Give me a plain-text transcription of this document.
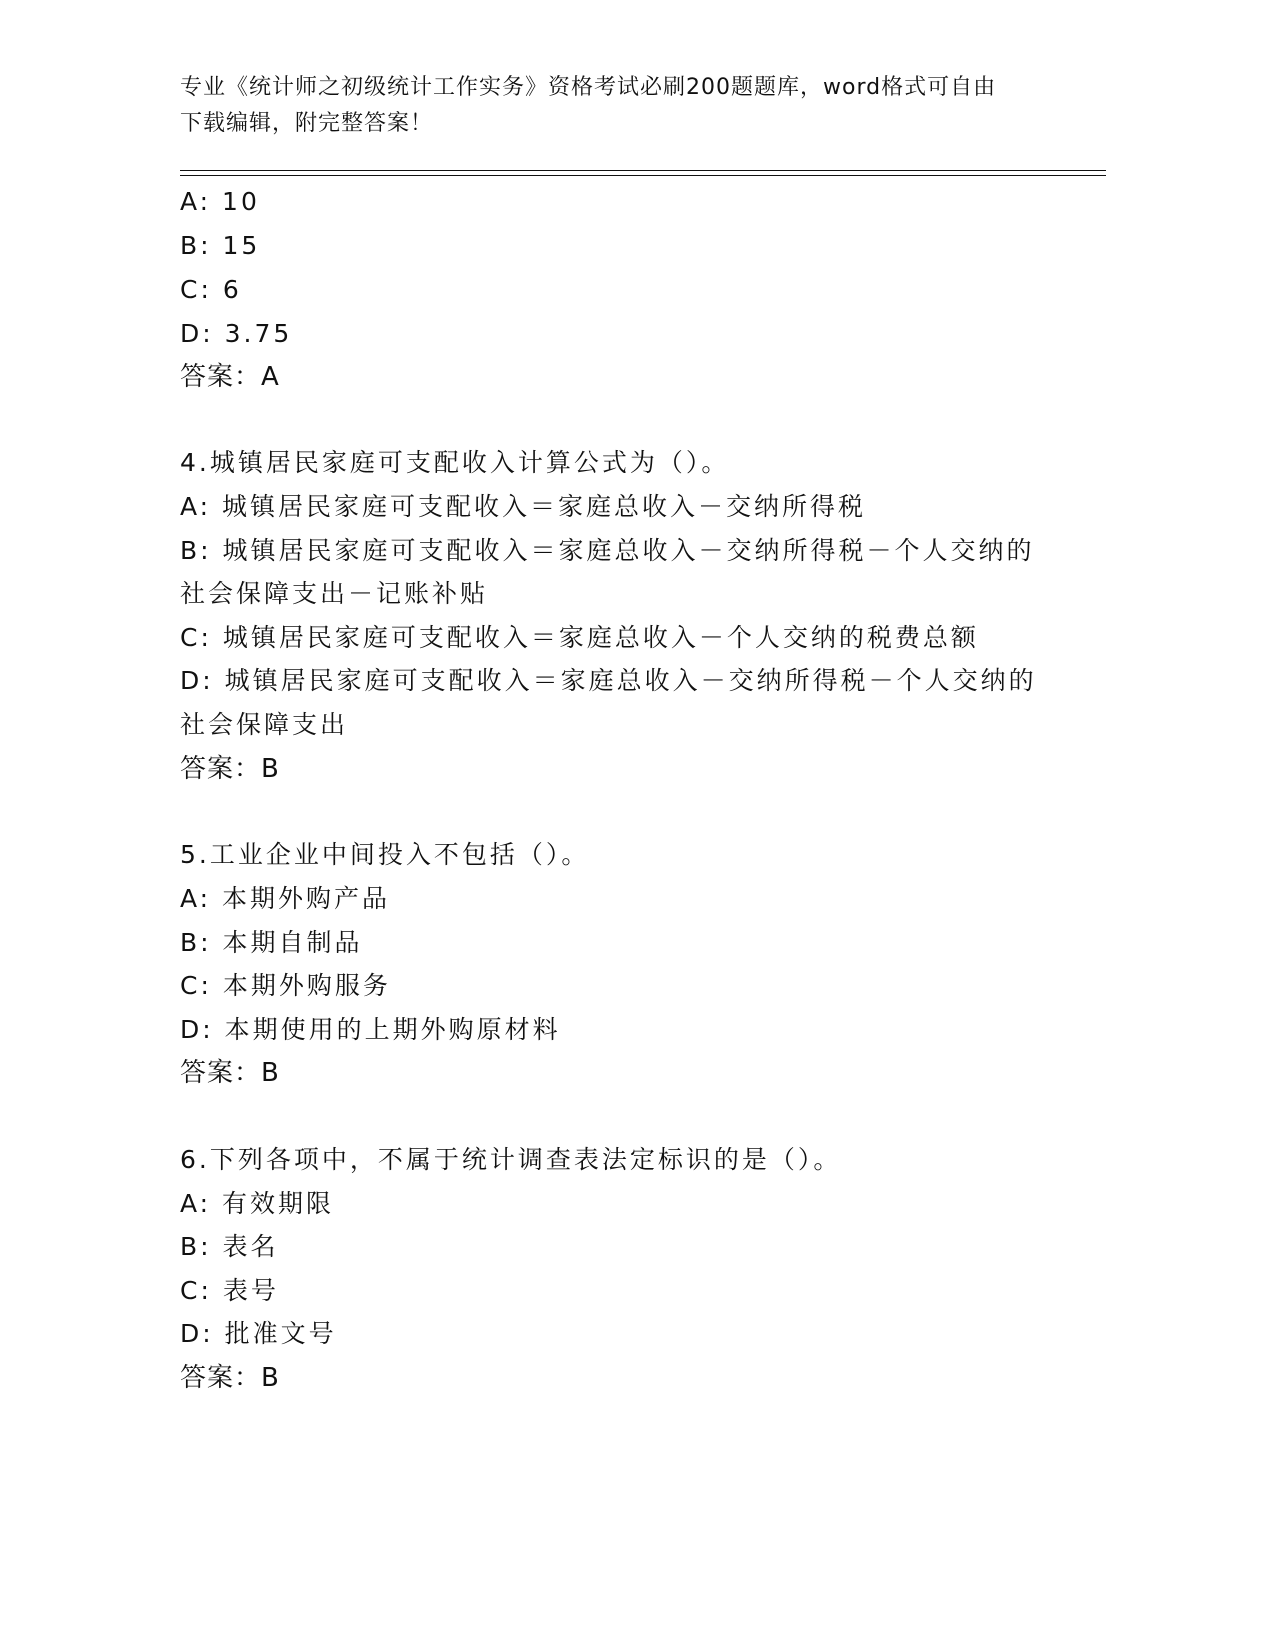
专业《统计师之初级统计工作实务》资格考试必刷200题题库，word格式可自由
下载编辑，附完整答案！
A: 10
B: 15
C: 6
D: 3.75
答案：A
4.城镇居民家庭可支配收入计算公式为（）。
A: 城镇居民家庭可支配收入＝家庭总收入－交纳所得税
B: 城镇居民家庭可支配收入＝家庭总收入－交纳所得税－个人交纳的
社会保障支出－记账补贴
C: 城镇居民家庭可支配收入＝家庭总收入－个人交纳的税费总额
D: 城镇居民家庭可支配收入＝家庭总收入－交纳所得税－个人交纳的
社会保障支出
答案：B
5.工业企业中间投入不包括（）。
A: 本期外购产品
B: 本期自制品
C: 本期外购服务
D: 本期使用的上期外购原材料
答案：B
6.下列各项中，不属于统计调查表法定标识的是（）。
A: 有效期限
B: 表名
C: 表号
D: 批准文号
答案：B
